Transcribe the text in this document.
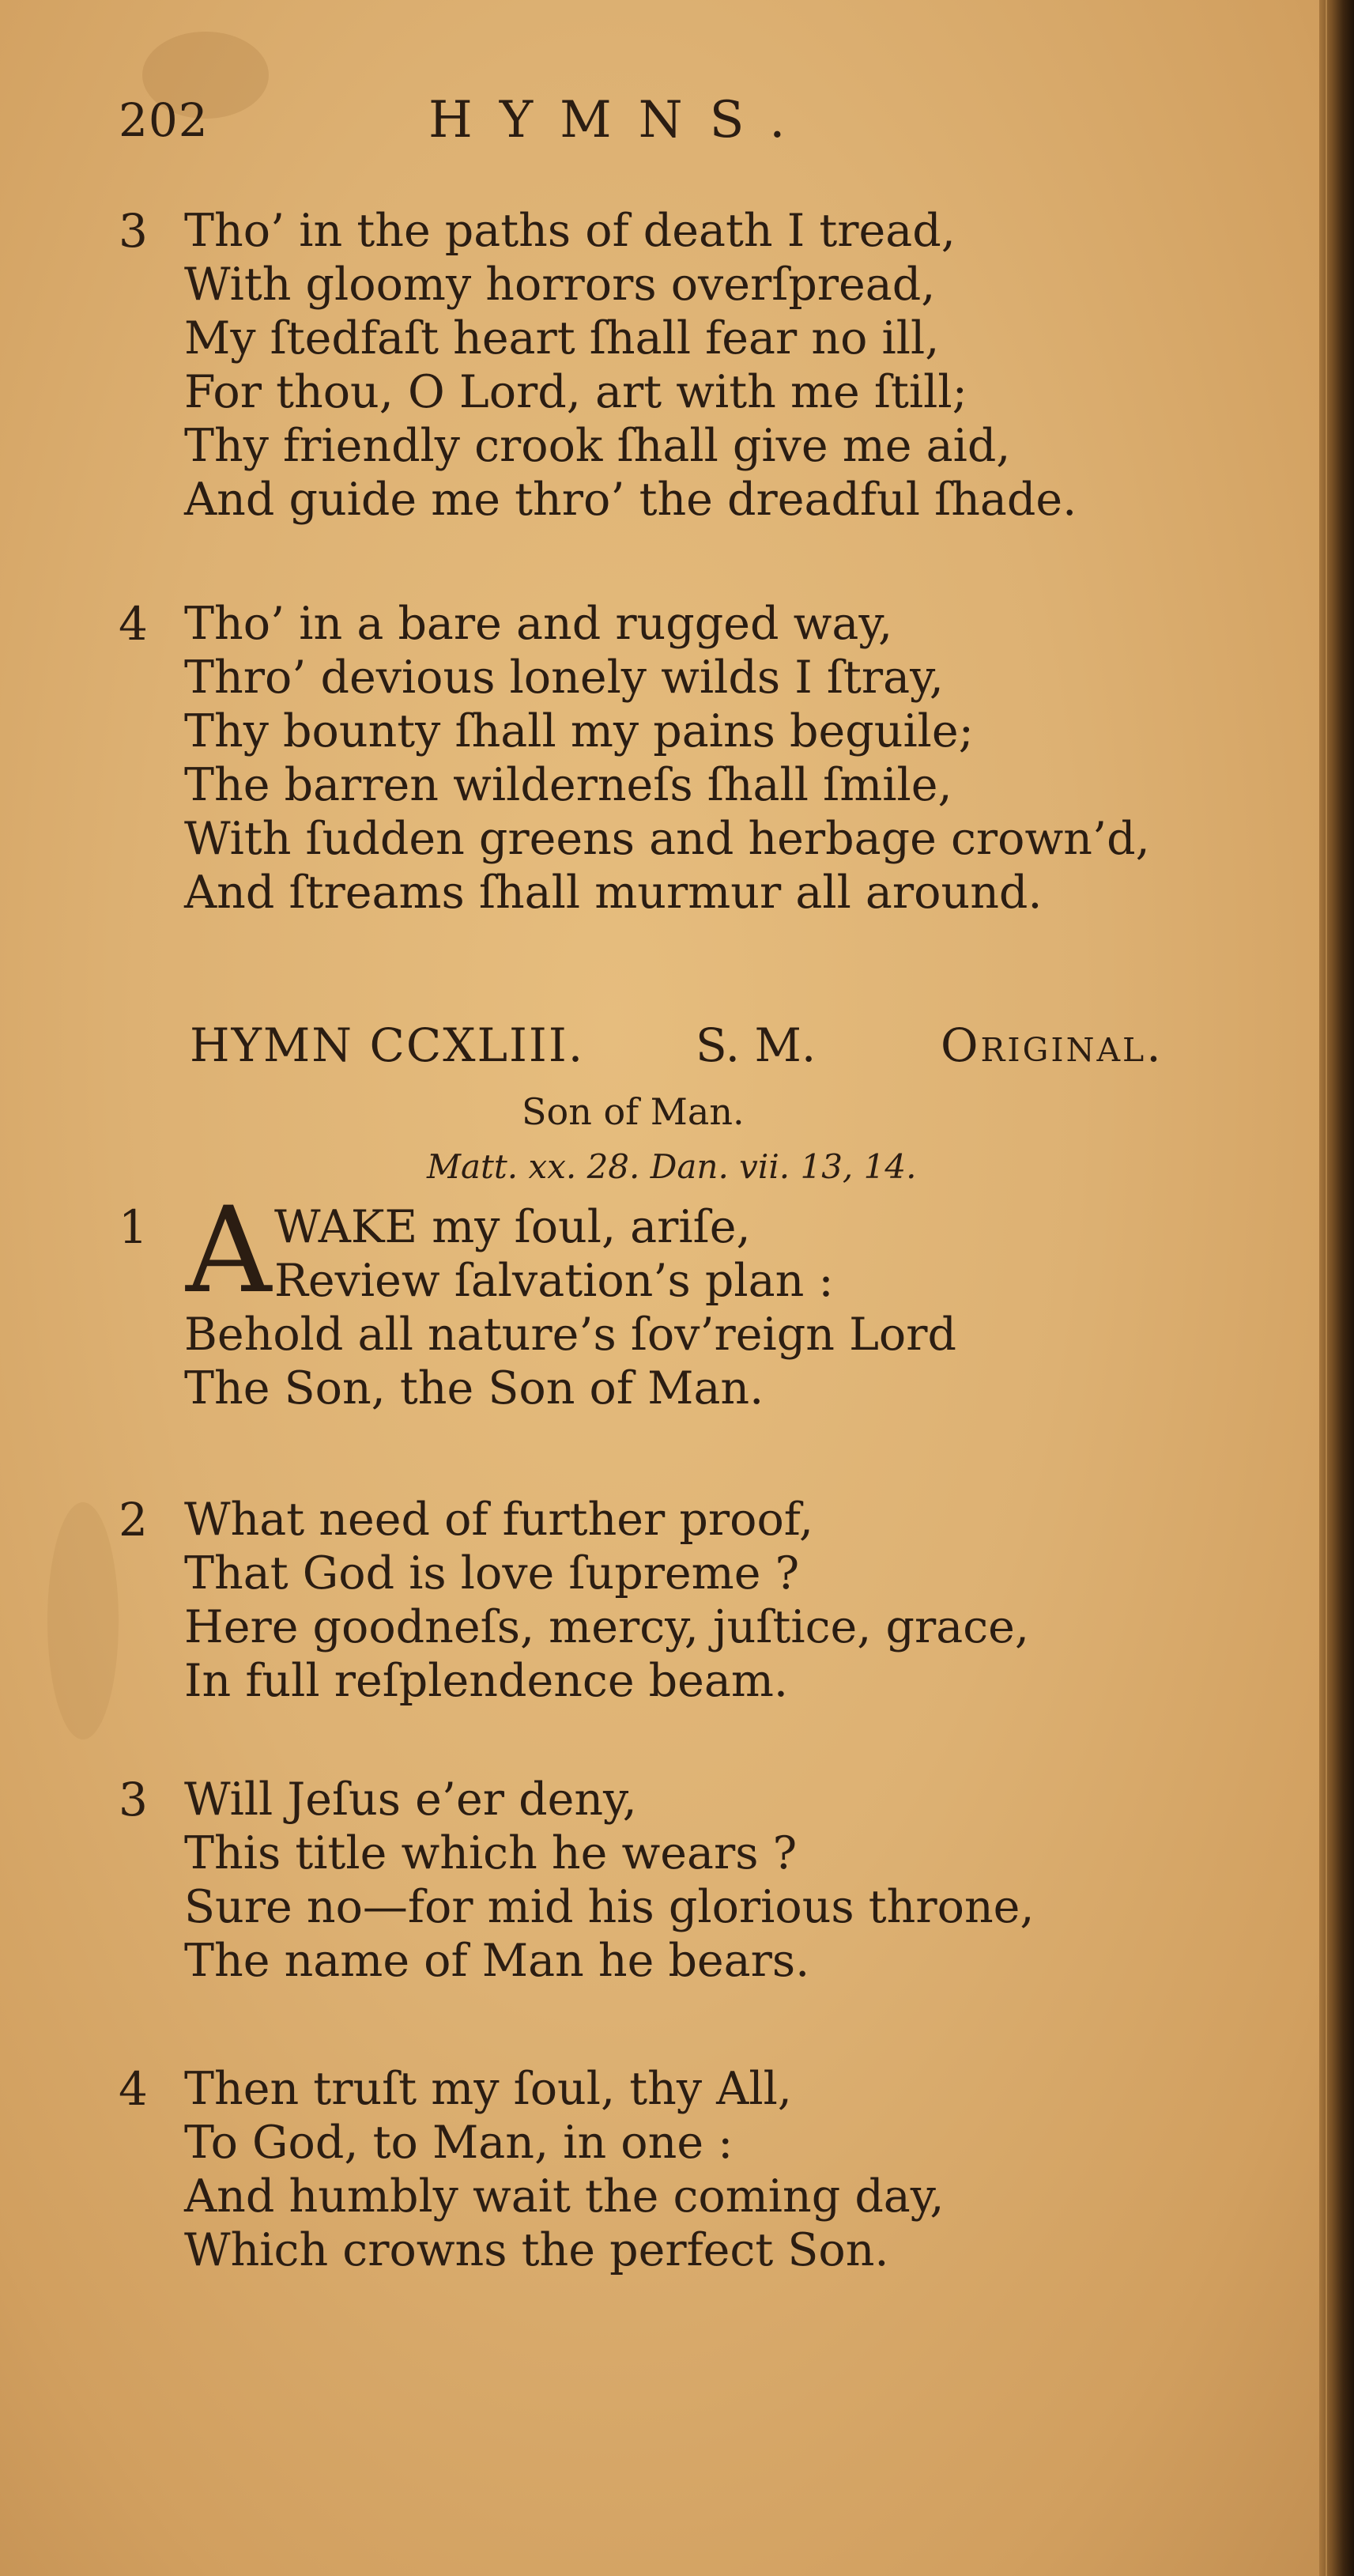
202	HYMNS.
3 Tho’ in the paths of death I tread,
With gloomy horrors overſpread,
My ſtedfaſt heart ſhall fear no ill,
For thou, O Lord, art with me ſtill;
Thy friendly crook ſhall give me aid,
And guide me thro’ the dreadful ſhade.
4 Tho’ in a bare and rugged way,
Thro’ devious lonely wilds I ſtray,
Thy bounty ſhall my pains beguile;
The barren wilderneſs ſhall ſmile,
With ſudden greens and herbage crown’d,
And ſtreams ſhall murmur all around.
HYMN CCXLIII. S. M.	Original.
Son of Man.
Matt. xx. 28. Dan. vii. 13, 14.
1 A WAKE my ſoul, ariſe,
Review ſalvation’s plan :
Behold all nature’s ſov’reign Lord
The Son, the Son of Man.
2 What need of further proof,
That God is love ſupreme ?
Here goodneſs, mercy, juſtice, grace,
In full reſplendence beam.
3 Will Jeſus e’er deny,
This title which he wears ?
Sure no—for mid his glorious throne,
The name of Man he bears.
4 Then truſt my ſoul, thy All,
To God, to Man, in one :
And humbly wait the coming day,
Which crowns the perfect Son.
